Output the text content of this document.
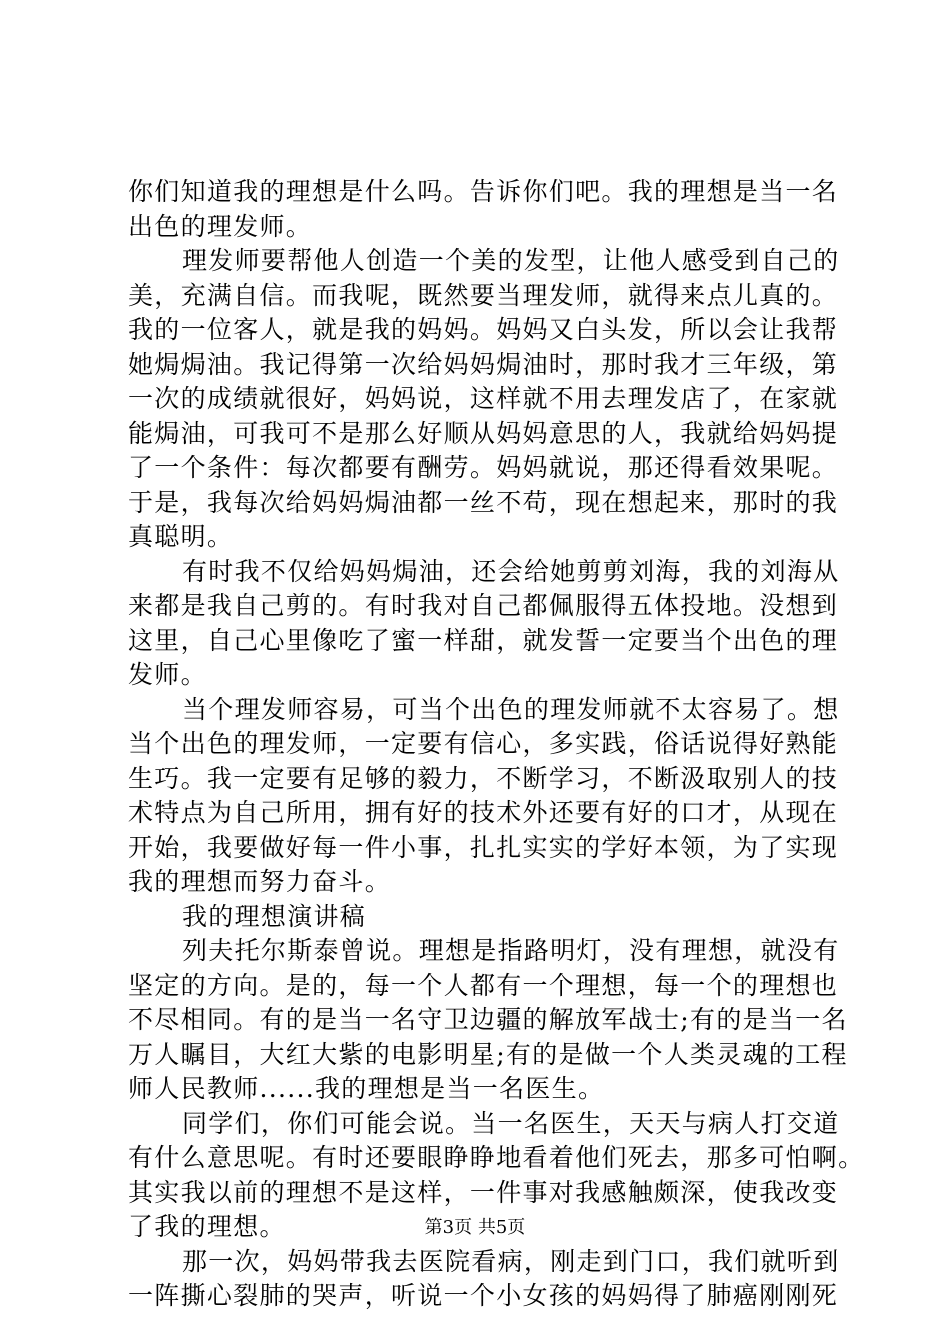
你们知道我的理想是什么吗。告诉你们吧。我的理想是当一名
出色的理发师。
理发师要帮他人创造一个美的发型，让他人感受到自己的
美，充满自信。而我呢，既然要当理发师，就得来点儿真的。
我的一位客人，就是我的妈妈。妈妈又白头发，所以会让我帮
她焗焗油。我记得第一次给妈妈焗油时，那时我才三年级，第
一次的成绩就很好，妈妈说，这样就不用去理发店了，在家就
能焗油，可我可不是那么好顺从妈妈意思的人，我就给妈妈提
了一个条件：每次都要有酬劳。妈妈就说，那还得看效果呢。
于是，我每次给妈妈焗油都一丝不苟，现在想起来，那时的我
真聪明。
有时我不仅给妈妈焗油，还会给她剪剪刘海，我的刘海从
来都是我自己剪的。有时我对自己都佩服得五体投地。没想到
这里，自己心里像吃了蜜一样甜，就发誓一定要当个出色的理
发师。
当个理发师容易，可当个出色的理发师就不太容易了。想
当个出色的理发师，一定要有信心，多实践，俗话说得好熟能
生巧。我一定要有足够的毅力，不断学习，不断汲取别人的技
术特点为自己所用，拥有好的技术外还要有好的口才，从现在
开始，我要做好每一件小事，扎扎实实的学好本领，为了实现
我的理想而努力奋斗。
我的理想演讲稿
列夫托尔斯泰曾说。理想是指路明灯，没有理想，就没有
坚定的方向。是的，每一个人都有一个理想，每一个的理想也
不尽相同。有的是当一名守卫边疆的解放军战士;有的是当一名
万人瞩目，大红大紫的电影明星;有的是做一个人类灵魂的工程
师人民教师......我的理想是当一名医生。
同学们，你们可能会说。当一名医生，天天与病人打交道
有什么意思呢。有时还要眼睁睁地看着他们死去，那多可怕啊。
其实我以前的理想不是这样，一件事对我感触颇深，使我改变
了我的理想。
那一次，妈妈带我去医院看病，刚走到门口，我们就听到
一阵撕心裂肺的哭声，听说一个小女孩的妈妈得了肺癌刚刚死
第3页 共5页
